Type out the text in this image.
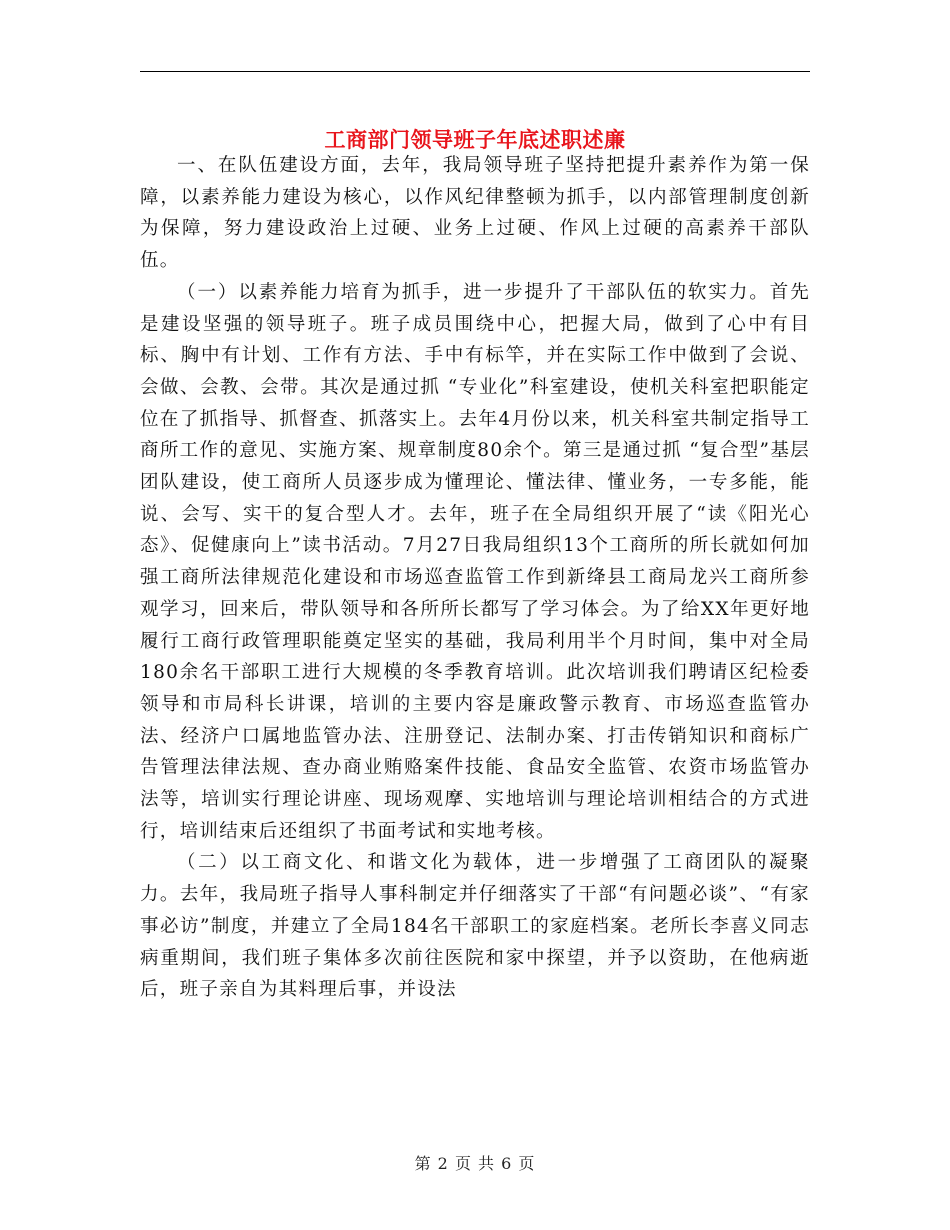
工商部门领导班子年底述职述廉

一、在队伍建设方面，去年，我局领导班子坚持把提升素养作为第一保障，以素养能力建设为核心，以作风纪律整顿为抓手，以内部管理制度创新为保障，努力建设政治上过硬、业务上过硬、作风上过硬的高素养干部队伍。

（一）以素养能力培育为抓手，进一步提升了干部队伍的软实力。首先是建设坚强的领导班子。班子成员围绕中心，把握大局，做到了心中有目标、胸中有计划、工作有方法、手中有标竿，并在实际工作中做到了会说、会做、会教、会带。其次是通过抓 “专业化”科室建设，使机关科室把职能定位在了抓指导、抓督查、抓落实上。去年4月份以来，机关科室共制定指导工商所工作的意见、实施方案、规章制度80余个。第三是通过抓 “复合型”基层团队建设，使工商所人员逐步成为懂理论、懂法律、懂业务，一专多能，能说、会写、实干的复合型人才。去年，班子在全局组织开展了“读《阳光心态》、促健康向上”读书活动。7月27日我局组织13个工商所的所长就如何加强工商所法律规范化建设和市场巡查监管工作到新绛县工商局龙兴工商所参观学习，回来后，带队领导和各所所长都写了学习体会。为了给XX年更好地履行工商行政管理职能奠定坚实的基础，我局利用半个月时间，集中对全局180余名干部职工进行大规模的冬季教育培训。此次培训我们聘请区纪检委领导和市局科长讲课，培训的主要内容是廉政警示教育、市场巡查监管办法、经济户口属地监管办法、注册登记、法制办案、打击传销知识和商标广告管理法律法规、查办商业贿赂案件技能、食品安全监管、农资市场监管办法等，培训实行理论讲座、现场观摩、实地培训与理论培训相结合的方式进行，培训结束后还组织了书面考试和实地考核。

（二）以工商文化、和谐文化为载体，进一步增强了工商团队的凝聚力。去年，我局班子指导人事科制定并仔细落实了干部“有问题必谈”、“有家事必访”制度，并建立了全局184名干部职工的家庭档案。老所长李喜义同志病重期间，我们班子集体多次前往医院和家中探望，并予以资助，在他病逝后，班子亲自为其料理后事，并设法

第 2 页 共 6 页
